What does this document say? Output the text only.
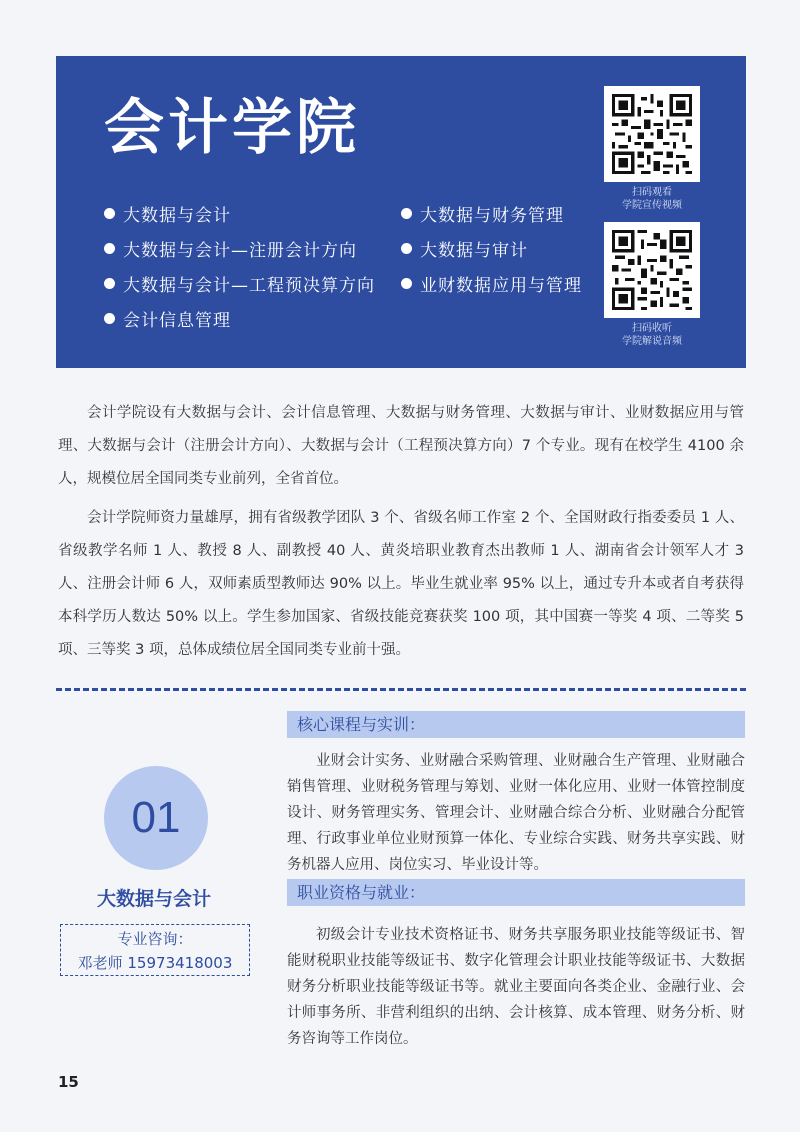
会计学院
大数据与会计
大数据与会计—注册会计方向
大数据与会计—工程预决算方向
会计信息管理
大数据与财务管理
大数据与审计
业财数据应用与管理
扫码观看
学院宣传视频
扫码收听
学院解说音频

会计学院设有大数据与会计、会计信息管理、大数据与财务管理、大数据与审计、业财数据应用与管理、大数据与会计（注册会计方向）、大数据与会计（工程预决算方向）7 个专业。现有在校学生 4100 余人，规模位居全国同类专业前列，全省首位。

会计学院师资力量雄厚，拥有省级教学团队 3 个、省级名师工作室 2 个、全国财政行指委委员 1 人、省级教学名师 1 人、教授 8 人、副教授 40 人、黄炎培职业教育杰出教师 1 人、湖南省会计领军人才 3 人、注册会计师 6 人，双师素质型教师达 90% 以上。毕业生就业率 95% 以上，通过专升本或者自考获得本科学历人数达 50% 以上。学生参加国家、省级技能竞赛获奖 100 项，其中国赛一等奖 4 项、二等奖 5 项、三等奖 3 项，总体成绩位居全国同类专业前十强。

01
大数据与会计
专业咨询：
邓老师 15973418003
核心课程与实训：
业财会计实务、业财融合采购管理、业财融合生产管理、业财融合销售管理、业财税务管理与筹划、业财一体化应用、业财一体管控制度设计、财务管理实务、管理会计、业财融合综合分析、业财融合分配管理、行政事业单位业财预算一体化、专业综合实践、财务共享实践、财务机器人应用、岗位实习、毕业设计等。
职业资格与就业：
初级会计专业技术资格证书、财务共享服务职业技能等级证书、智能财税职业技能等级证书、数字化管理会计职业技能等级证书、大数据财务分析职业技能等级证书等。就业主要面向各类企业、金融行业、会计师事务所、非营利组织的出纳、会计核算、成本管理、财务分析、财务咨询等工作岗位。
15
